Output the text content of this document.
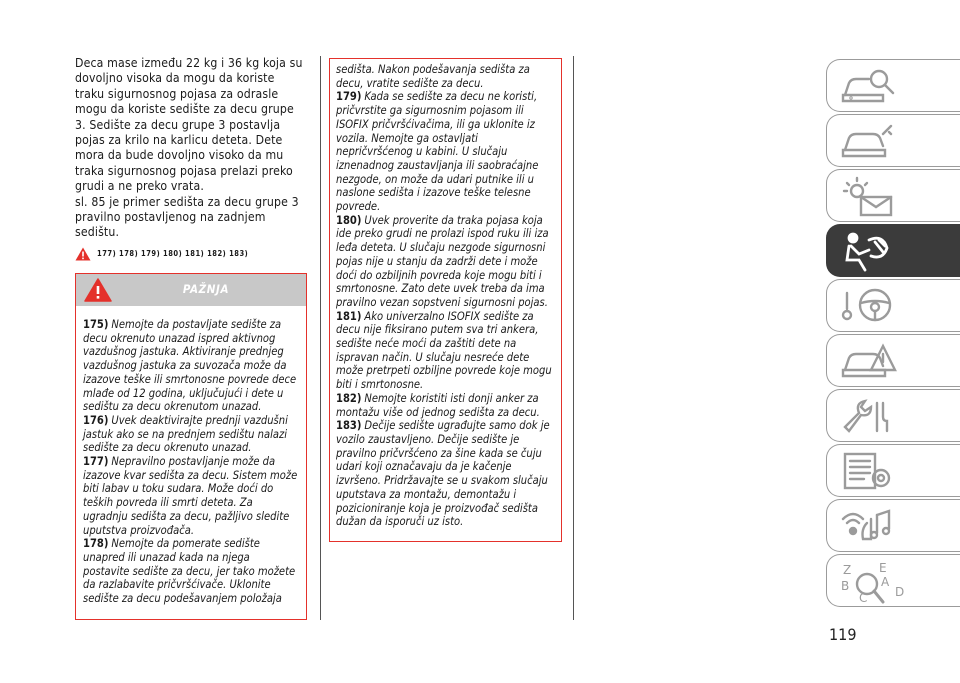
Deca mase između 22 kg i 36 kg koja su dovoljno visoka da mogu da koriste traku sigurnosnog pojasa za odrasle mogu da koriste sedište za decu grupe 3. Sedište za decu grupe 3 postavlja pojas za krilo na karlicu deteta. Dete mora da bude dovoljno visoko da mu traka sigurnosnog pojasa prelazi preko grudi a ne preko vrata.

sl. 85 je primer sedišta za decu grupe 3 pravilno postavljenog na zadnjem sedištu.

177) 178) 179) 180) 181) 182) 183)
PAŽNJA

175) Nemojte da postavljate sedište za decu okrenuto unazad ispred aktivnog vazdušnog jastuka. Aktiviranje prednjeg vazdušnog jastuka za suvozača može da izazove teške ili smrtonosne povrede dece mlađe od 12 godina, uključujući i dete u sedištu za decu okrenutom unazad.

176) Uvek deaktivirajte prednji vazdušni jastuk ako se na prednjem sedištu nalazi sedište za decu okrenuto unazad.

177) Nepravilno postavljanje može da izazove kvar sedišta za decu. Sistem može biti labav u toku sudara. Može doći do teških povreda ili smrti deteta. Za ugradnju sedišta za decu, pažljivo sledite uputstva proizvođača.

178) Nemojte da pomerate sedište unapred ili unazad kada na njega postavite sedište za decu, jer tako možete da razlabavite pričvršćivače. Uklonite sedište za decu podešavanjem položaja

sedišta. Nakon podešavanja sedišta za decu, vratite sedište za decu.

179) Kada se sedište za decu ne koristi, pričvrstite ga sigurnosnim pojasom ili ISOFIX pričvršćivačima, ili ga uklonite iz vozila. Nemojte ga ostavljati nepričvršćenog u kabini. U slučaju iznenadnog zaustavljanja ili saobraćajne nezgode, on može da udari putnike ili u naslone sedišta i izazove teške telesne povrede.

180) Uvek proverite da traka pojasa koja ide preko grudi ne prolazi ispod ruku ili iza leđa deteta. U slučaju nezgode sigurnosni pojas nije u stanju da zadrži dete i može doći do ozbiljnih povreda koje mogu biti i smrtonosne. Zato dete uvek treba da ima pravilno vezan sopstveni sigurnosni pojas.

181) Ako univerzalno ISOFIX sedište za decu nije fiksirano putem sva tri ankera, sedište neće moći da zaštiti dete na ispravan način. U slučaju nesreće dete može pretrpeti ozbiljne povrede koje mogu biti i smrtonosne.

182) Nemojte koristiti isti donji anker za montažu više od jednog sedišta za decu.

183) Dečije sedište ugrađujte samo dok je vozilo zaustavljeno. Dečije sedište je pravilno pričvršćeno za šine kada se čuju udari koji označavaju da je kačenje izvršeno. Pridržavajte se u svakom slučaju uputstava za montažu, demontažu i pozicioniranje koja je proizvođač sedišta dužan da isporuči uz isto.

Z E
A
B
C D
119
